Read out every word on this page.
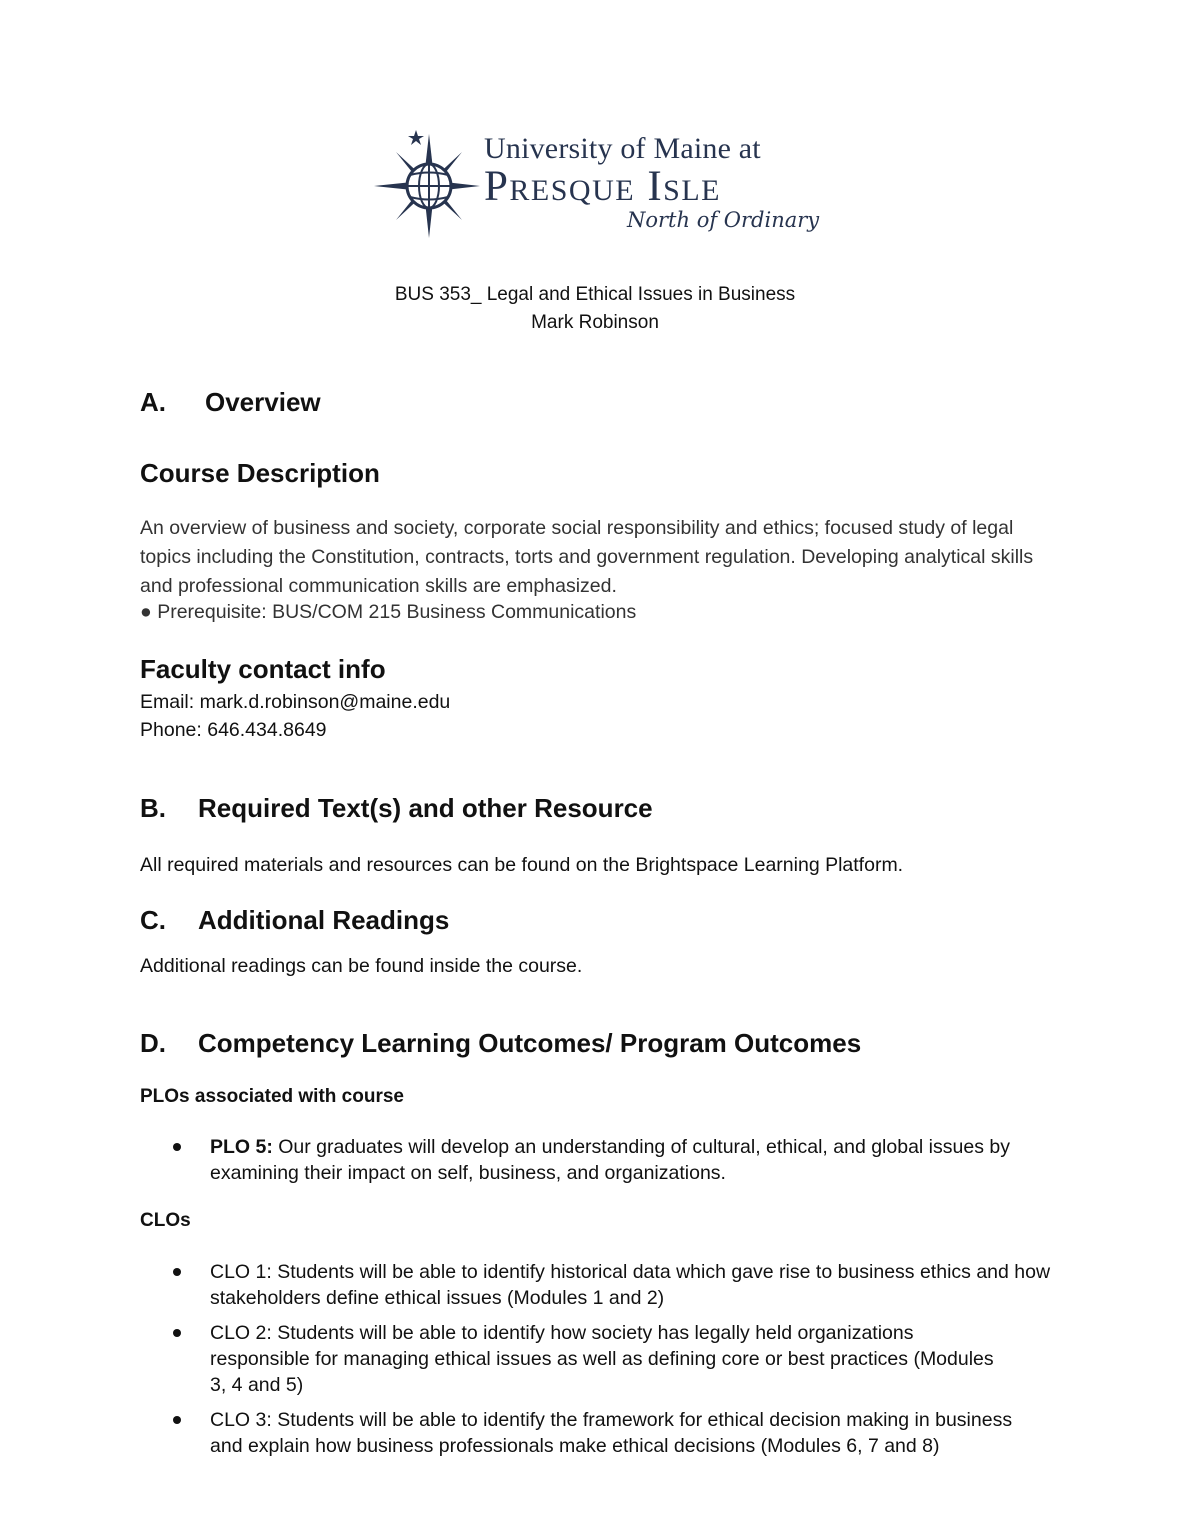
University of Maine at
Presque Isle
North of Ordinary
BUS 353_ Legal and Ethical Issues in Business
Mark Robinson
A. Overview
Course Description
An overview of business and society, corporate social responsibility and ethics; focused study of legal topics including the Constitution, contracts, torts and government regulation. Developing analytical skills and professional communication skills are emphasized.
● Prerequisite: BUS/COM 215 Business Communications
Faculty contact info
Email: mark.d.robinson@maine.edu
Phone: 646.434.8649
B. Required Text(s) and other Resource
All required materials and resources can be found on the Brightspace Learning Platform.
C. Additional Readings
Additional readings can be found inside the course.
D. Competency Learning Outcomes/ Program Outcomes
PLOs associated with course
PLO 5: Our graduates will develop an understanding of cultural, ethical, and global issues by examining their impact on self, business, and organizations.
CLOs
CLO 1: Students will be able to identify historical data which gave rise to business ethics and how stakeholders define ethical issues (Modules 1 and 2)
CLO 2: Students will be able to identify how society has legally held organizations responsible for managing ethical issues as well as defining core or best practices (Modules 3, 4 and 5)
CLO 3: Students will be able to identify the framework for ethical decision making in business and explain how business professionals make ethical decisions (Modules 6, 7 and 8)
